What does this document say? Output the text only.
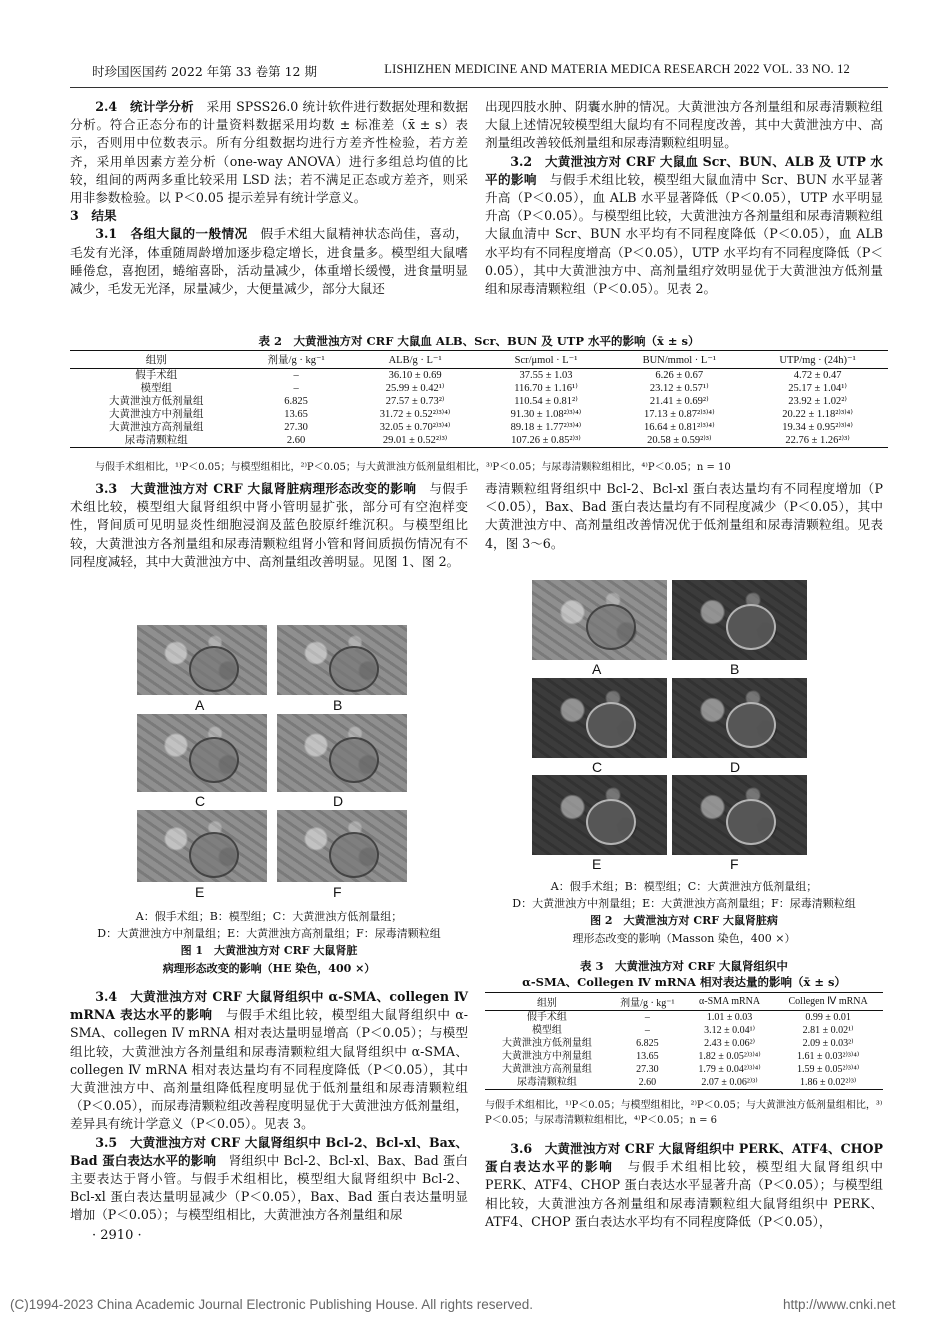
时珍国医国药 2022 年第 33 卷第 12 期	LISHIZHEN MEDICINE AND MATERIA MEDICA RESEARCH 2022 VOL. 33 NO. 12

2.4　统计学分析　 采用 SPSS26.0 统计软件进行数据处理和数据分析。符合正态分布的计量资料数据采用均数 ± 标准差（x̄ ± s）表示，否则用中位数表示。所有分组数据均进行方差齐性检验，若方差齐，采用单因素方差分析（one-way ANOVA）进行多组总均值的比较，组间的两两多重比较采用 LSD 法；若不满足正态或方差齐，则采用非参数检验。以 P＜0.05 提示差异有统计学意义。

3　结果

3.1　各组大鼠的一般情况　 假手术组大鼠精神状态尚佳，喜动，毛发有光泽，体重随周龄增加逐步稳定增长，进食量多。模型组大鼠嗜睡倦怠，喜抱团，蜷缩喜卧，活动量减少，体重增长缓慢，进食量明显减少，毛发无光泽，尿量减少，大便量减少，部分大鼠还

出现四肢水肿、阴囊水肿的情况。大黄泄浊方各剂量组和尿毒清颗粒组大鼠上述情况较模型组大鼠均有不同程度改善，其中大黄泄浊方中、高剂量组改善较低剂量组和尿毒清颗粒组明显。

3.2　大黄泄浊方对 CRF 大鼠血 Scr、BUN、ALB 及 UTP 水平的影响　 与假手术组比较，模型组大鼠血清中 Scr、BUN 水平显著升高（P＜0.05），血 ALB 水平显著降低（P＜0.05），UTP 水平明显升高（P＜0.05）。与模型组比较，大黄泄浊方各剂量组和尿毒清颗粒组大鼠血清中 Scr、BUN 水平均有不同程度降低（P＜0.05），血 ALB 水平均有不同程度增高（P＜0.05），UTP 水平均有不同程度降低（P＜0.05），其中大黄泄浊方中、高剂量组疗效明显优于大黄泄浊方低剂量组和尿毒清颗粒组（P＜0.05）。见表 2。

表 2　大黄泄浊方对 CRF 大鼠血 ALB、Scr、BUN 及 UTP 水平的影响（x̄ ± s）
组别	剂量/g · kg⁻¹	ALB/g · L⁻¹	Scr/μmol · L⁻¹	BUN/mmol · L⁻¹	UTP/mg · (24h)⁻¹
假手术组	–	36.10 ± 0.69	37.55 ± 1.03	6.26 ± 0.67	4.72 ± 0.47
模型组	–	25.99 ± 0.42¹⁾	116.70 ± 1.16¹⁾	23.12 ± 0.57¹⁾	25.17 ± 1.04¹⁾
大黄泄浊方低剂量组	6.825	27.57 ± 0.73²⁾	110.54 ± 0.81²⁾	21.41 ± 0.69²⁾	23.92 ± 1.02²⁾
大黄泄浊方中剂量组	13.65	31.72 ± 0.52²⁾³⁾⁴⁾	91.30 ± 1.08²⁾³⁾⁴⁾	17.13 ± 0.87²⁾³⁾⁴⁾	20.22 ± 1.18²⁾³⁾⁴⁾
大黄泄浊方高剂量组	27.30	32.05 ± 0.70²⁾³⁾⁴⁾	89.18 ± 1.77²⁾³⁾⁴⁾	16.64 ± 0.81²⁾³⁾⁴⁾	19.34 ± 0.95²⁾³⁾⁴⁾
尿毒清颗粒组	2.60	29.01 ± 0.52²⁾³⁾	107.26 ± 0.85²⁾³⁾	20.58 ± 0.59²⁾³⁾	22.76 ± 1.26²⁾³⁾
与假手术组相比，¹⁾P＜0.05；与模型组相比，²⁾P＜0.05；与大黄泄浊方低剂量组相比，³⁾P＜0.05；与尿毒清颗粒组相比，⁴⁾P＜0.05；n = 10

3.3　大黄泄浊方对 CRF 大鼠肾脏病理形态改变的影响　 与假手术组比较，模型组大鼠肾组织中肾小管明显扩张，部分可有空泡样变性，肾间质可见明显炎性细胞浸润及蓝色胶原纤维沉积。与模型组比较，大黄泄浊方各剂量组和尿毒清颗粒组肾小管和肾间质损伤情况有不同程度减轻，其中大黄泄浊方中、高剂量组改善明显。见图 1、图 2。

毒清颗粒组肾组织中 Bcl-2、Bcl-xl 蛋白表达量均有不同程度增加（P＜0.05），Bax、Bad 蛋白表达量均有不同程度减少（P＜0.05），其中大黄泄浊方中、高剂量组改善情况优于低剂量组和尿毒清颗粒组。见表 4，图 3～6。

A	B
C	D
E	F
A：假手术组；B：模型组；C：大黄泄浊方低剂量组；
D：大黄泄浊方中剂量组；E：大黄泄浊方高剂量组；F：尿毒清颗粒组
图 1　大黄泄浊方对 CRF 大鼠肾脏
病理形态改变的影响（HE 染色，400 ×）
A	B
C	D
E	F
A：假手术组；B：模型组；C：大黄泄浊方低剂量组；
D：大黄泄浊方中剂量组；E：大黄泄浊方高剂量组；F：尿毒清颗粒组
图 2　大黄泄浊方对 CRF 大鼠肾脏病
理形态改变的影响（Masson 染色，400 ×）
表 3　大黄泄浊方对 CRF 大鼠肾组织中
α-SMA、Collegen Ⅳ mRNA 相对表达量的影响（x̄ ± s）
组别	剂量/g · kg⁻¹	α-SMA mRNA	Collegen Ⅳ mRNA
假手术组	–	1.01 ± 0.03	0.99 ± 0.01
模型组	–	3.12 ± 0.04¹⁾	2.81 ± 0.02¹⁾
大黄泄浊方低剂量组	6.825	2.43 ± 0.06²⁾	2.09 ± 0.03²⁾
大黄泄浊方中剂量组	13.65	1.82 ± 0.05²⁾³⁾⁴⁾	1.61 ± 0.03²⁾³⁾⁴⁾
大黄泄浊方高剂量组	27.30	1.79 ± 0.04²⁾³⁾⁴⁾	1.59 ± 0.05²⁾³⁾⁴⁾
尿毒清颗粒组	2.60	2.07 ± 0.06²⁾³⁾	1.86 ± 0.02²⁾³⁾
与假手术组相比，¹⁾P＜0.05；与模型组相比，²⁾P＜0.05；与大黄泄浊方低剂量组相比，³⁾P＜0.05；与尿毒清颗粒组相比，⁴⁾P＜0.05；n = 6

3.4　大黄泄浊方对 CRF 大鼠肾组织中 α-SMA、collegen Ⅳ mRNA 表达水平的影响　 与假手术组比较，模型组大鼠肾组织中 α-SMA、collegen Ⅳ mRNA 相对表达量明显增高（P＜0.05）；与模型组比较，大黄泄浊方各剂量组和尿毒清颗粒组大鼠肾组织中 α-SMA、collegen Ⅳ mRNA 相对表达量均有不同程度降低（P＜0.05），其中大黄泄浊方中、高剂量组降低程度明显优于低剂量组和尿毒清颗粒组（P＜0.05），而尿毒清颗粒组改善程度明显优于大黄泄浊方低剂量组，差异具有统计学意义（P＜0.05）。见表 3。

3.5　大黄泄浊方对 CRF 大鼠肾组织中 Bcl-2、Bcl-xl、Bax、Bad 蛋白表达水平的影响　 肾组织中 Bcl-2、Bcl-xl、Bax、Bad 蛋白主要表达于肾小管。与假手术组相比，模型组大鼠肾组织中 Bcl-2、Bcl-xl 蛋白表达量明显减少（P＜0.05），Bax、Bad 蛋白表达量明显增加（P＜0.05）；与模型组相比，大黄泄浊方各剂量组和尿

3.6　大黄泄浊方对 CRF 大鼠肾组织中 PERK、ATF4、CHOP 蛋白表达水平的影响　 与假手术组相比较，模型组大鼠肾组织中 PERK、ATF4、CHOP 蛋白表达水平显著升高（P＜0.05）；与模型组相比较，大黄泄浊方各剂量组和尿毒清颗粒组大鼠肾组织中 PERK、ATF4、CHOP 蛋白表达水平均有不同程度降低（P＜0.05），

· 2910 ·
(C)1994-2023 China Academic Journal Electronic Publishing House. All rights reserved.	http://www.cnki.net
